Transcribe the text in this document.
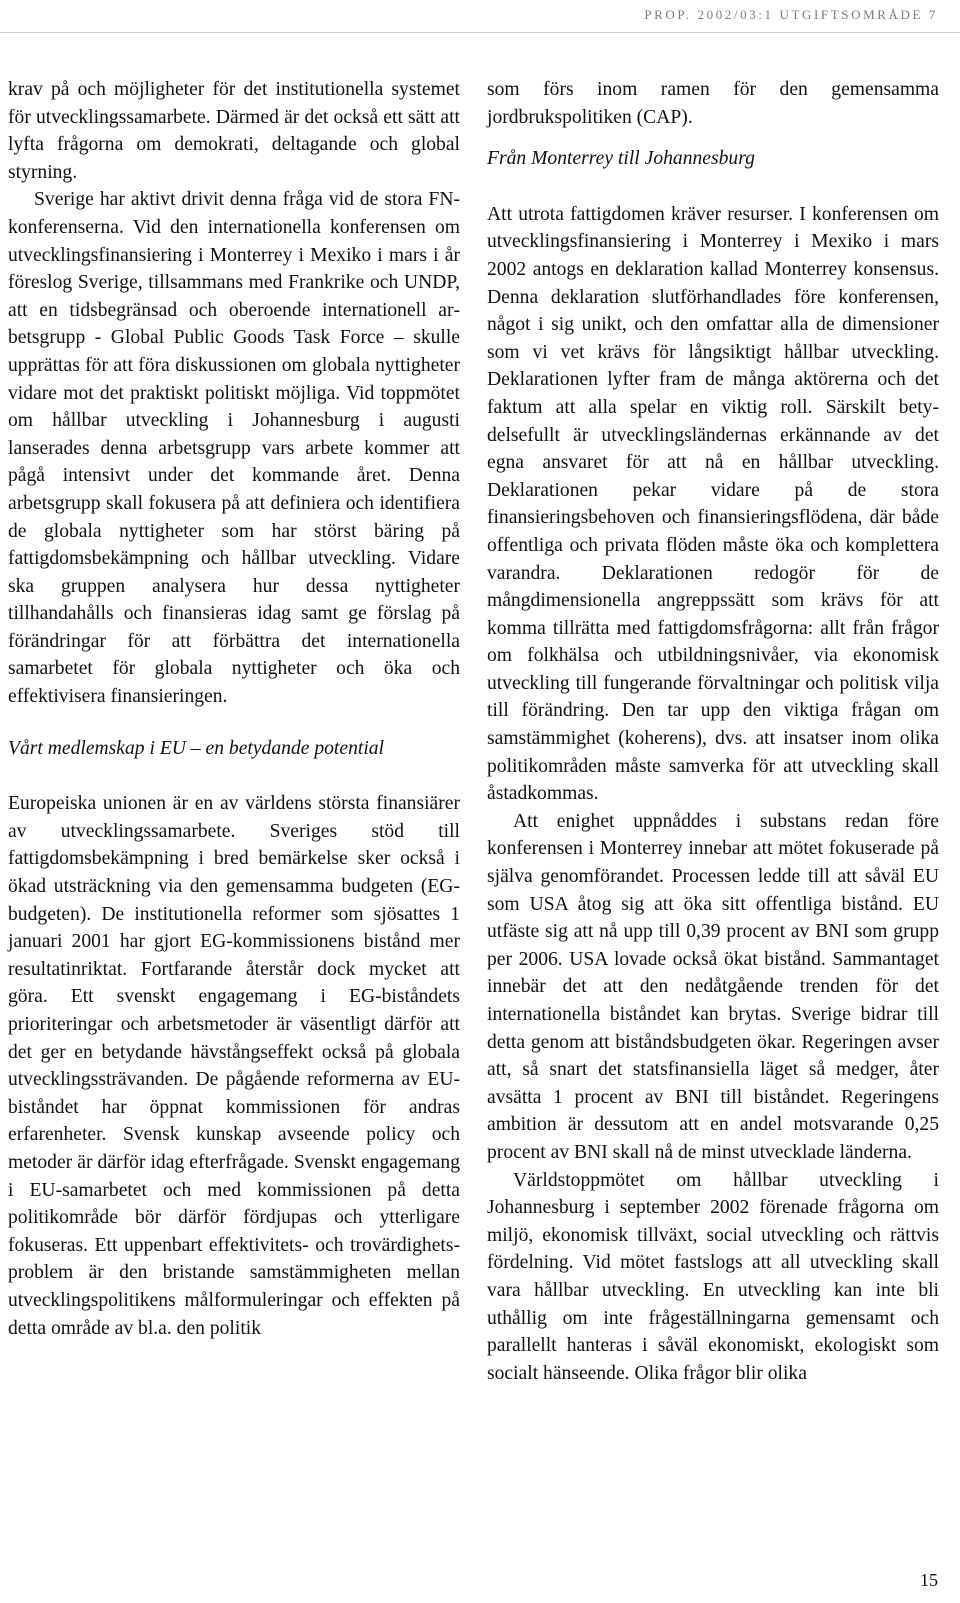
PROP. 2002/03:1 UTGIFTSOMRÅDE 7

krav på och möjligheter för det institutionella systemet för utvecklingssamarbete. Därmed är det också ett sätt att lyfta frågorna om demokrati, deltagande och global styrning.

Sverige har aktivt drivit denna fråga vid de stora FN-konferenserna. Vid den internationella konferensen om utvecklingsfinansiering i Monterrey i Mexiko i mars i år föreslog Sverige, tillsammans med Frankrike och UNDP, att en tidsbegränsad och oberoende internationell arbetsgrupp - Global Public Goods Task Force – skulle upprättas för att föra diskussionen om globala nyttigheter vidare mot det praktiskt politiskt möjliga. Vid toppmötet om hållbar utveckling i Johannesburg i augusti lanserades denna arbetsgrupp vars arbete kommer att pågå intensivt under det kommande året. Denna arbetsgrupp skall fokusera på att definiera och identifiera de globala nyttigheter som har störst bäring på fattigdomsbekämpning och hållbar utveckling. Vidare ska gruppen analysera hur dessa nyttigheter tillhandahålls och finansieras idag samt ge förslag på förändringar för att förbättra det internationella samarbetet för globala nyttigheter och öka och effektivisera finansieringen.

Vårt medlemskap i EU – en betydande potential

Europeiska unionen är en av världens största finansiärer av utvecklingssamarbete. Sveriges stöd till fattigdomsbekämpning i bred bemärkelse sker också i ökad utsträckning via den gemensamma budgeten (EG-budgeten). De institutionella reformer som sjösattes 1 januari 2001 har gjort EG-kommissionens bistånd mer resultatinriktat. Fortfarande återstår dock mycket att göra. Ett svenskt engagemang i EG-biståndets prioriteringar och arbetsmetoder är väsentligt därför att det ger en betydande hävstångseffekt också på globala utvecklingssträvanden. De pågående reformerna av EU-biståndet har öppnat kommissionen för andras erfarenheter. Svensk kunskap avseende policy och metoder är därför idag efterfrågade. Svenskt engagemang i EU-samarbetet och med kommissionen på detta politikområde bör därför fördjupas och ytterligare fokuseras. Ett uppenbart effektivitets- och trovärdighetsproblem är den bristande samstämmigheten mellan utvecklingspolitikens målformuleringar och effekten på detta område av bl.a. den politik

som förs inom ramen för den gemensamma jordbrukspolitiken (CAP).

Från Monterrey till Johannesburg

Att utrota fattigdomen kräver resurser. I konferensen om utvecklingsfinansiering i Monterrey i Mexiko i mars 2002 antogs en deklaration kallad Monterrey konsensus. Denna deklaration slutförhandlades före konferensen, något i sig unikt, och den omfattar alla de dimensioner som vi vet krävs för långsiktigt hållbar utveckling. Deklarationen lyfter fram de många aktörerna och det faktum att alla spelar en viktig roll. Särskilt betydelsefullt är utvecklingsländernas erkännande av det egna ansvaret för att nå en hållbar utveckling. Deklarationen pekar vidare på de stora finansieringsbehoven och finansieringsflödena, där både offentliga och privata flöden måste öka och komplettera varandra. Deklarationen redogör för de mångdimensionella angreppssätt som krävs för att komma tillrätta med fattigdomsfrågorna: allt från frågor om folkhälsa och utbildningsnivåer, via ekonomisk utveckling till fungerande förvaltningar och politisk vilja till förändring. Den tar upp den viktiga frågan om samstämmighet (koherens), dvs. att insatser inom olika politikområden måste samverka för att utveckling skall åstadkommas.

Att enighet uppnåddes i substans redan före konferensen i Monterrey innebar att mötet fokuserade på själva genomförandet. Processen ledde till att såväl EU som USA åtog sig att öka sitt offentliga bistånd. EU utfäste sig att nå upp till 0,39 procent av BNI som grupp per 2006. USA lovade också ökat bistånd. Sammantaget innebär det att den nedåtgående trenden för det internationella biståndet kan brytas. Sverige bidrar till detta genom att biståndsbudgeten ökar. Regeringen avser att, så snart det statsfinansiella läget så medger, åter avsätta 1 procent av BNI till biståndet. Regeringens ambition är dessutom att en andel motsvarande 0,25 procent av BNI skall nå de minst utvecklade länderna.

Världstoppmötet om hållbar utveckling i Johannesburg i september 2002 förenade frågorna om miljö, ekonomisk tillväxt, social utveckling och rättvis fördelning. Vid mötet fastslogs att all utveckling skall vara hållbar utveckling. En utveckling kan inte bli uthållig om inte frågeställningarna gemensamt och parallellt hanteras i såväl ekonomiskt, ekologiskt som socialt hänseende. Olika frågor blir olika

15
